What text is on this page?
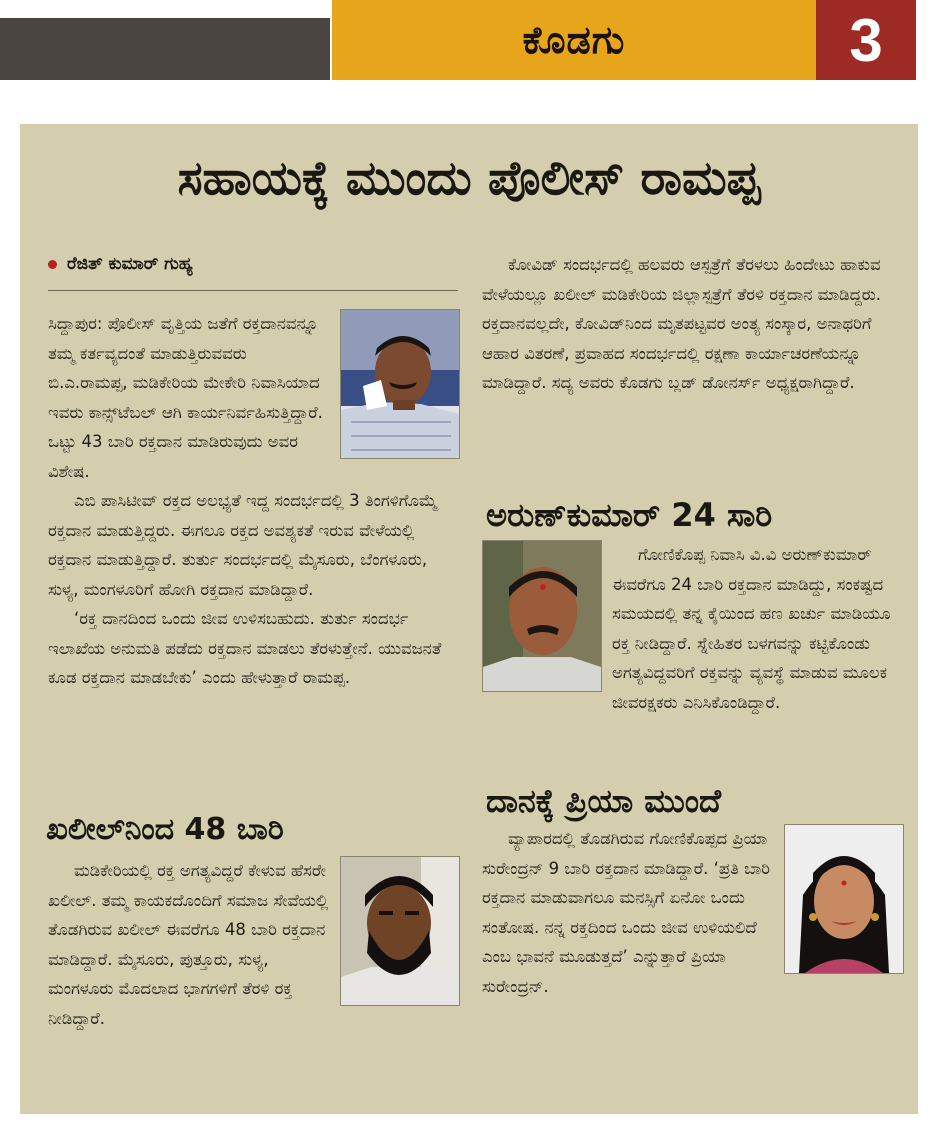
ಕೊಡಗು	3
ಸಹಾಯಕ್ಕೆ ಮುಂದು ಪೊಲೀಸ್ ರಾಮಪ್ಪ
ರೆಜಿತ್ ಕುಮಾರ್ ಗುಹ್ಯ

ಸಿದ್ದಾಪುರ: ಪೊಲೀಸ್ ವೃತ್ತಿಯ ಜತೆಗೆ ರಕ್ತದಾನವನ್ನೂ ತಮ್ಮ ಕರ್ತವ್ಯದಂತೆ ಮಾಡುತ್ತಿರುವವರು ಬಿ.ಎ.ರಾಮಪ್ಪ, ಮಡಿಕೇರಿಯ ಮೇಕೇರಿ ನಿವಾಸಿಯಾದ ಇವರು ಕಾನ್ಸ್‌ಟೆಬಲ್ ಆಗಿ ಕಾರ್ಯನಿರ್ವಹಿಸುತ್ತಿದ್ದಾರೆ. ಒಟ್ಟು 43 ಬಾರಿ ರಕ್ತದಾನ ಮಾಡಿರುವುದು ಅವರ ವಿಶೇಷ.

ಎಬಿ ಪಾಸಿಟೀವ್ ರಕ್ತದ ಅಲಭ್ಯತೆ ಇದ್ದ ಸಂದರ್ಭದಲ್ಲಿ 3 ತಿಂಗಳಿಗೊಮ್ಮೆ ರಕ್ತದಾನ ಮಾಡುತ್ತಿದ್ದರು. ಈಗಲೂ ರಕ್ತದ ಅವಶ್ಯಕತೆ ಇರುವ ವೇಳೆಯಲ್ಲಿ ರಕ್ತದಾನ ಮಾಡುತ್ತಿದ್ದಾರೆ. ತುರ್ತು ಸಂದರ್ಭದಲ್ಲಿ ಮೈಸೂರು, ಬೆಂಗಳೂರು, ಸುಳ್ಯ, ಮಂಗಳೂರಿಗೆ ಹೋಗಿ ರಕ್ತದಾನ ಮಾಡಿದ್ದಾರೆ.

‘ರಕ್ತ ದಾನದಿಂದ ಒಂದು ಜೀವ ಉಳಿಸಬಹುದು. ತುರ್ತು ಸಂದರ್ಭ ಇಲಾಖೆಯ ಅನುಮತಿ ಪಡೆದು ರಕ್ತದಾನ ಮಾಡಲು ತೆರಳುತ್ತೇನೆ. ಯುವಜನತೆ ಕೂಡ ರಕ್ತದಾನ ಮಾಡಬೇಕು’ ಎಂದು ಹೇಳುತ್ತಾರೆ ರಾಮಪ್ಪ.

ಖಲೀಲ್‌ನಿಂದ 48 ಬಾರಿ

ಮಡಿಕೇರಿಯಲ್ಲಿ ರಕ್ತ ಅಗತ್ಯವಿದ್ದರೆ ಕೇಳುವ ಹೆಸರೇ ಖಲೀಲ್. ತಮ್ಮ ಕಾಯಕದೊಂದಿಗೆ ಸಮಾಜ ಸೇವೆಯಲ್ಲಿ ತೊಡಗಿರುವ ಖಲೀಲ್ ಈವರೆಗೂ 48 ಬಾರಿ ರಕ್ತದಾನ ಮಾಡಿದ್ದಾರೆ. ಮೈಸೂರು, ಪುತ್ತೂರು, ಸುಳ್ಯ, ಮಂಗಳೂರು ಮೊದಲಾದ ಭಾಗಗಳಿಗೆ ತೆರಳಿ ರಕ್ತ ನೀಡಿದ್ದಾರೆ.

ಕೋವಿಡ್ ಸಂದರ್ಭದಲ್ಲಿ ಹಲವರು ಆಸ್ಪತ್ರೆಗೆ ತೆರಳಲು ಹಿಂದೇಟು ಹಾಕುವ ವೇಳೆಯಲ್ಲೂ ಖಲೀಲ್ ಮಡಿಕೇರಿಯ ಜಿಲ್ಲಾಸ್ಪತ್ರೆಗೆ ತೆರಳಿ ರಕ್ತದಾನ ಮಾಡಿದ್ದರು. ರಕ್ತದಾನವಲ್ಲದೇ, ಕೋವಿಡ್‌ನಿಂದ ಮೃತಪಟ್ಟವರ ಅಂತ್ಯ ಸಂಸ್ಕಾರ, ಅನಾಥರಿಗೆ ಆಹಾರ ವಿತರಣೆ, ಪ್ರವಾಹದ ಸಂದರ್ಭದಲ್ಲಿ ರಕ್ಷಣಾ ಕಾರ್ಯಾಚರಣೆಯನ್ನೂ ಮಾಡಿದ್ದಾರೆ. ಸದ್ಯ ಅವರು ಕೊಡಗು ಬ್ಲಡ್ ಡೋನರ್ಸ್ ಅಧ್ಯಕ್ಷರಾಗಿದ್ದಾರೆ.

ಅರುಣ್‌ಕುಮಾರ್ 24 ಸಾರಿ

ಗೋಣಿಕೊಪ್ಪ ನಿವಾಸಿ ವಿ.ವಿ ಅರುಣ್‌ಕುಮಾರ್ ಈವರೆಗೂ 24 ಬಾರಿ ರಕ್ತದಾನ ಮಾಡಿದ್ದು, ಸಂಕಷ್ಟದ ಸಮಯದಲ್ಲಿ ತನ್ನ ಕೈಯಿಂದ ಹಣ ಖರ್ಚು ಮಾಡಿಯೂ ರಕ್ತ ನೀಡಿದ್ದಾರೆ. ಸ್ನೇಹಿತರ ಬಳಗವನ್ನು ಕಟ್ಟಿಕೊಂಡು ಅಗತ್ಯವಿದ್ದವರಿಗೆ ರಕ್ತವನ್ನು ವ್ಯವಸ್ಥೆ ಮಾಡುವ ಮೂಲಕ ಜೀವರಕ್ಷಕರು ಎನಿಸಿಕೊಂಡಿದ್ದಾರೆ.

ದಾನಕ್ಕೆ ಪ್ರಿಯಾ ಮುಂದೆ

ವ್ಯಾಪಾರದಲ್ಲಿ ತೊಡಗಿರುವ ಗೋಣಿಕೊಪ್ಪದ ಪ್ರಿಯಾ ಸುರೇಂದ್ರನ್ 9 ಬಾರಿ ರಕ್ತದಾನ ಮಾಡಿದ್ದಾರೆ. ‘ಪ್ರತಿ ಬಾರಿ ರಕ್ತದಾನ ಮಾಡುವಾಗಲೂ ಮನಸ್ಸಿಗೆ ಏನೋ ಒಂದು ಸಂತೋಷ. ನನ್ನ ರಕ್ತದಿಂದ ಒಂದು ಜೀವ ಉಳಿಯಲಿದೆ ಎಂಬ ಭಾವನೆ ಮೂಡುತ್ತದೆ’ ಎನ್ನುತ್ತಾರೆ ಪ್ರಿಯಾ ಸುರೇಂದ್ರನ್.
